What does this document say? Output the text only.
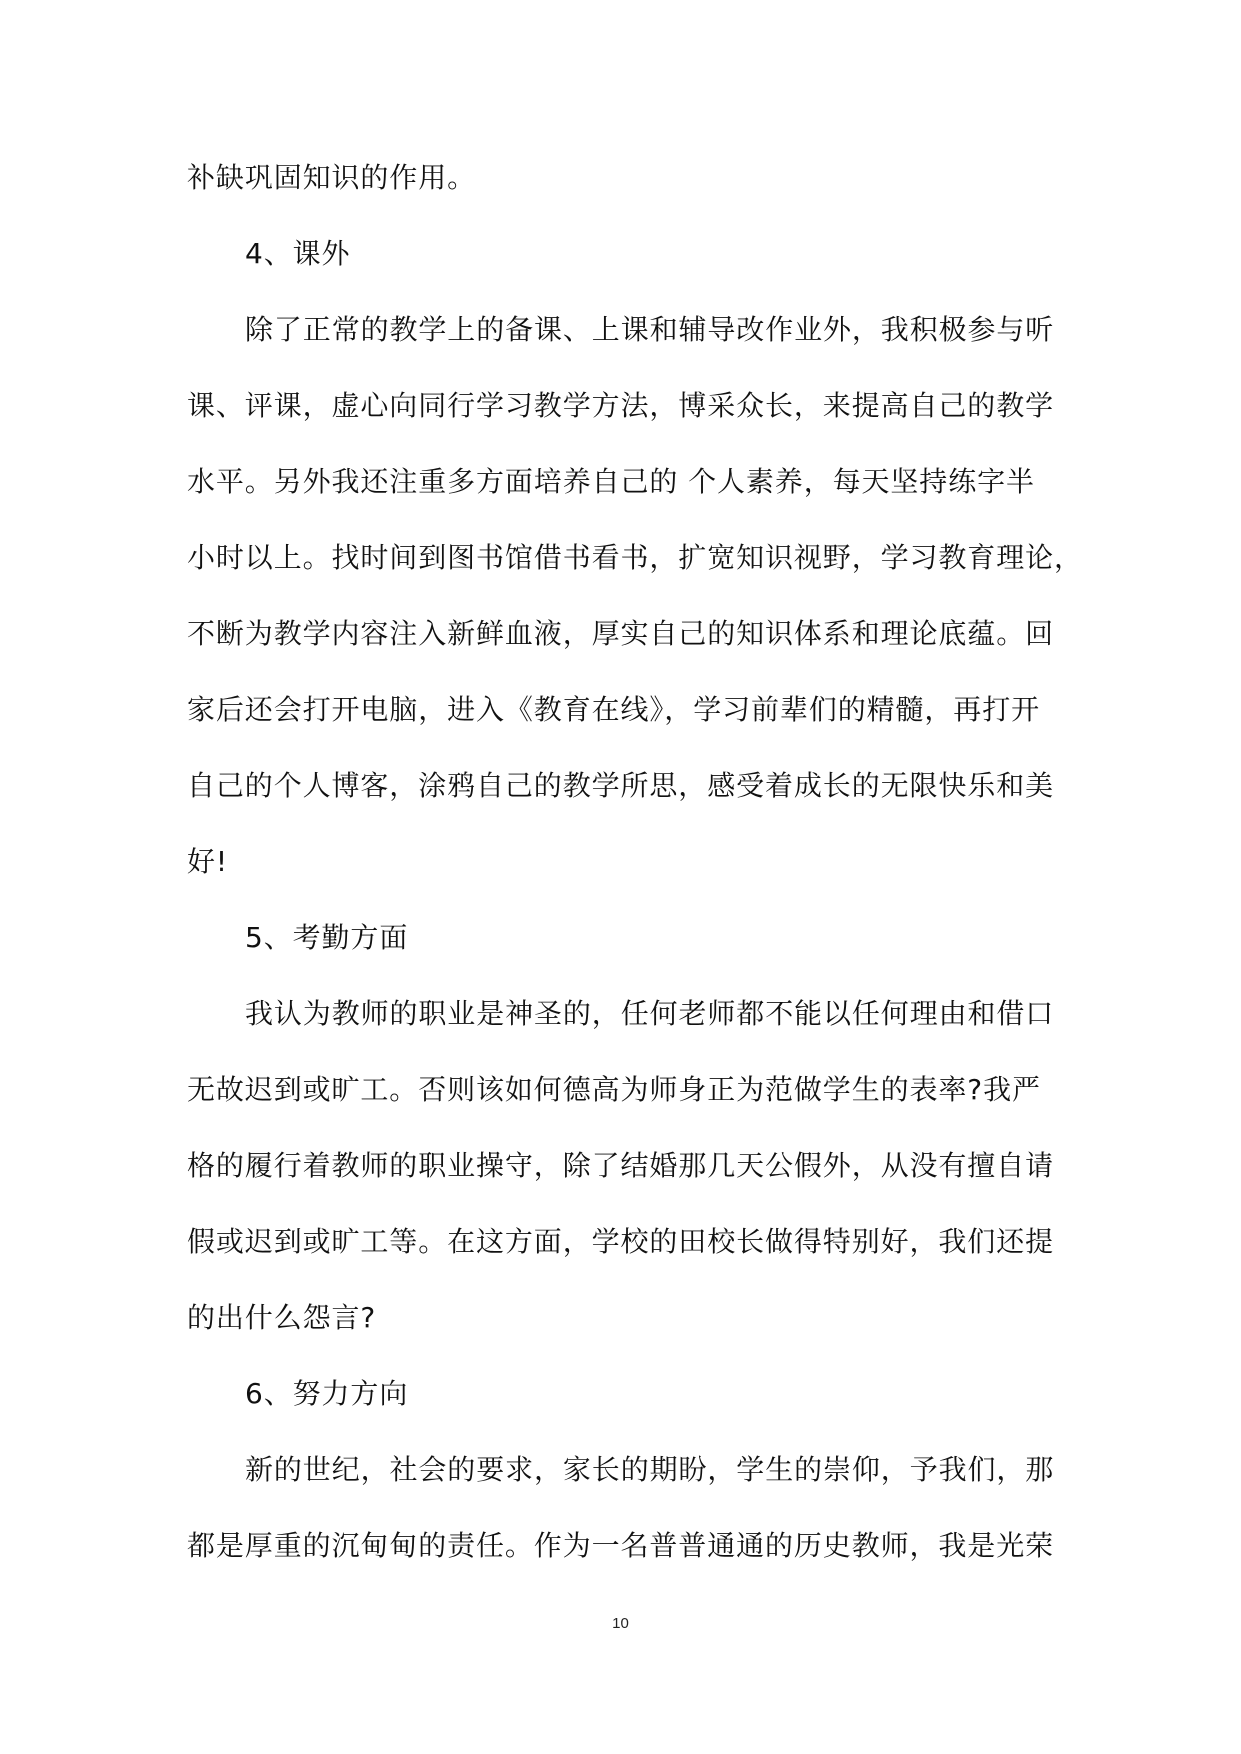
补缺巩固知识的作用。
4、课外
除了正常的教学上的备课、上课和辅导改作业外，我积极参与听
课、评课，虚心向同行学习教学方法，博采众长，来提高自己的教学
水平。另外我还注重多方面培养自己的 个人素养，每天坚持练字半
小时以上。找时间到图书馆借书看书，扩宽知识视野，学习教育理论，
不断为教学内容注入新鲜血液，厚实自己的知识体系和理论底蕴。回
家后还会打开电脑，进入《教育在线》，学习前辈们的精髓，再打开
自己的个人博客，涂鸦自己的教学所思，感受着成长的无限快乐和美
好!
5、考勤方面
我认为教师的职业是神圣的，任何老师都不能以任何理由和借口
无故迟到或旷工。否则该如何德高为师身正为范做学生的表率?我严
格的履行着教师的职业操守，除了结婚那几天公假外，从没有擅自请
假或迟到或旷工等。在这方面，学校的田校长做得特别好，我们还提
的出什么怨言?
6、努力方向
新的世纪，社会的要求，家长的期盼，学生的崇仰，予我们，那
都是厚重的沉甸甸的责任。作为一名普普通通的历史教师，我是光荣
10
